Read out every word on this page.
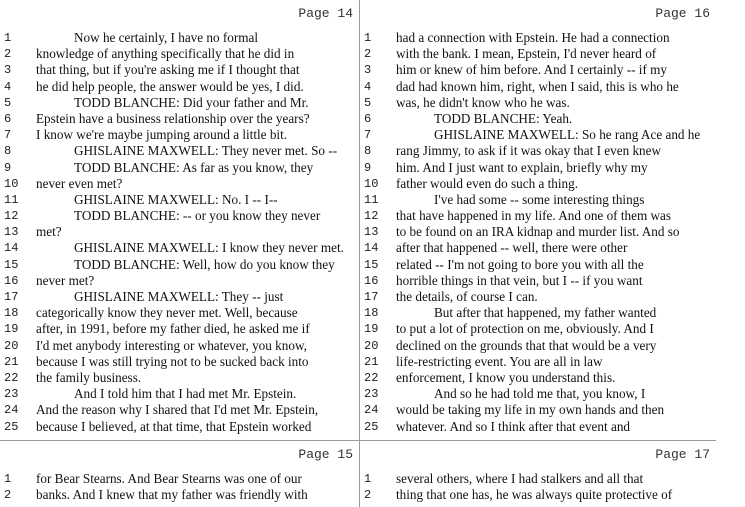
Page 14
1	Now he certainly, I have no formal
2	knowledge of anything specifically that he did in
3	that thing, but if you're asking me if I thought that
4	he did help people, the answer would be yes, I did.
5	TODD BLANCHE: Did your father and Mr.
6	Epstein have a business relationship over the years?
7	I know we're maybe jumping around a little bit.
8	GHISLAINE MAXWELL: They never met. So --
9	TODD BLANCHE: As far as you know, they
10	never even met?
11	GHISLAINE MAXWELL: No. I -- I--
12	TODD BLANCHE: -- or you know they never
13	met?
14	GHISLAINE MAXWELL: I know they never met.
15	TODD BLANCHE: Well, how do you know they
16	never met?
17	GHISLAINE MAXWELL: They -- just
18	categorically know they never met. Well, because
19	after, in 1991, before my father died, he asked me if
20	I'd met anybody interesting or whatever, you know,
21	because I was still trying not to be sucked back into
22	the family business.
23	And I told him that I had met Mr. Epstein.
24	And the reason why I shared that I'd met Mr. Epstein,
25	because I believed, at that time, that Epstein worked
Page 16
1	had a connection with Epstein. He had a connection
2	with the bank. I mean, Epstein, I'd never heard of
3	him or knew of him before. And I certainly -- if my
4	dad had known him, right, when I said, this is who he
5	was, he didn't know who he was.
6	TODD BLANCHE: Yeah.
7	GHISLAINE MAXWELL: So he rang Ace and he
8	rang Jimmy, to ask if it was okay that I even knew
9	him. And I just want to explain, briefly why my
10	father would even do such a thing.
11	I've had some -- some interesting things
12	that have happened in my life. And one of them was
13	to be found on an IRA kidnap and murder list. And so
14	after that happened -- well, there were other
15	related -- I'm not going to bore you with all the
16	horrible things in that vein, but I -- if you want
17	the details, of course I can.
18	But after that happened, my father wanted
19	to put a lot of protection on me, obviously. And I
20	declined on the grounds that that would be a very
21	life-restricting event. You are all in law
22	enforcement, I know you understand this.
23	And so he had told me that, you know, I
24	would be taking my life in my own hands and then
25	whatever. And so I think after that event and
Page 15
1	for Bear Stearns. And Bear Stearns was one of our
2	banks. And I knew that my father was friendly with
Page 17
1	several others, where I had stalkers and all that
2	thing that one has, he was always quite protective of
